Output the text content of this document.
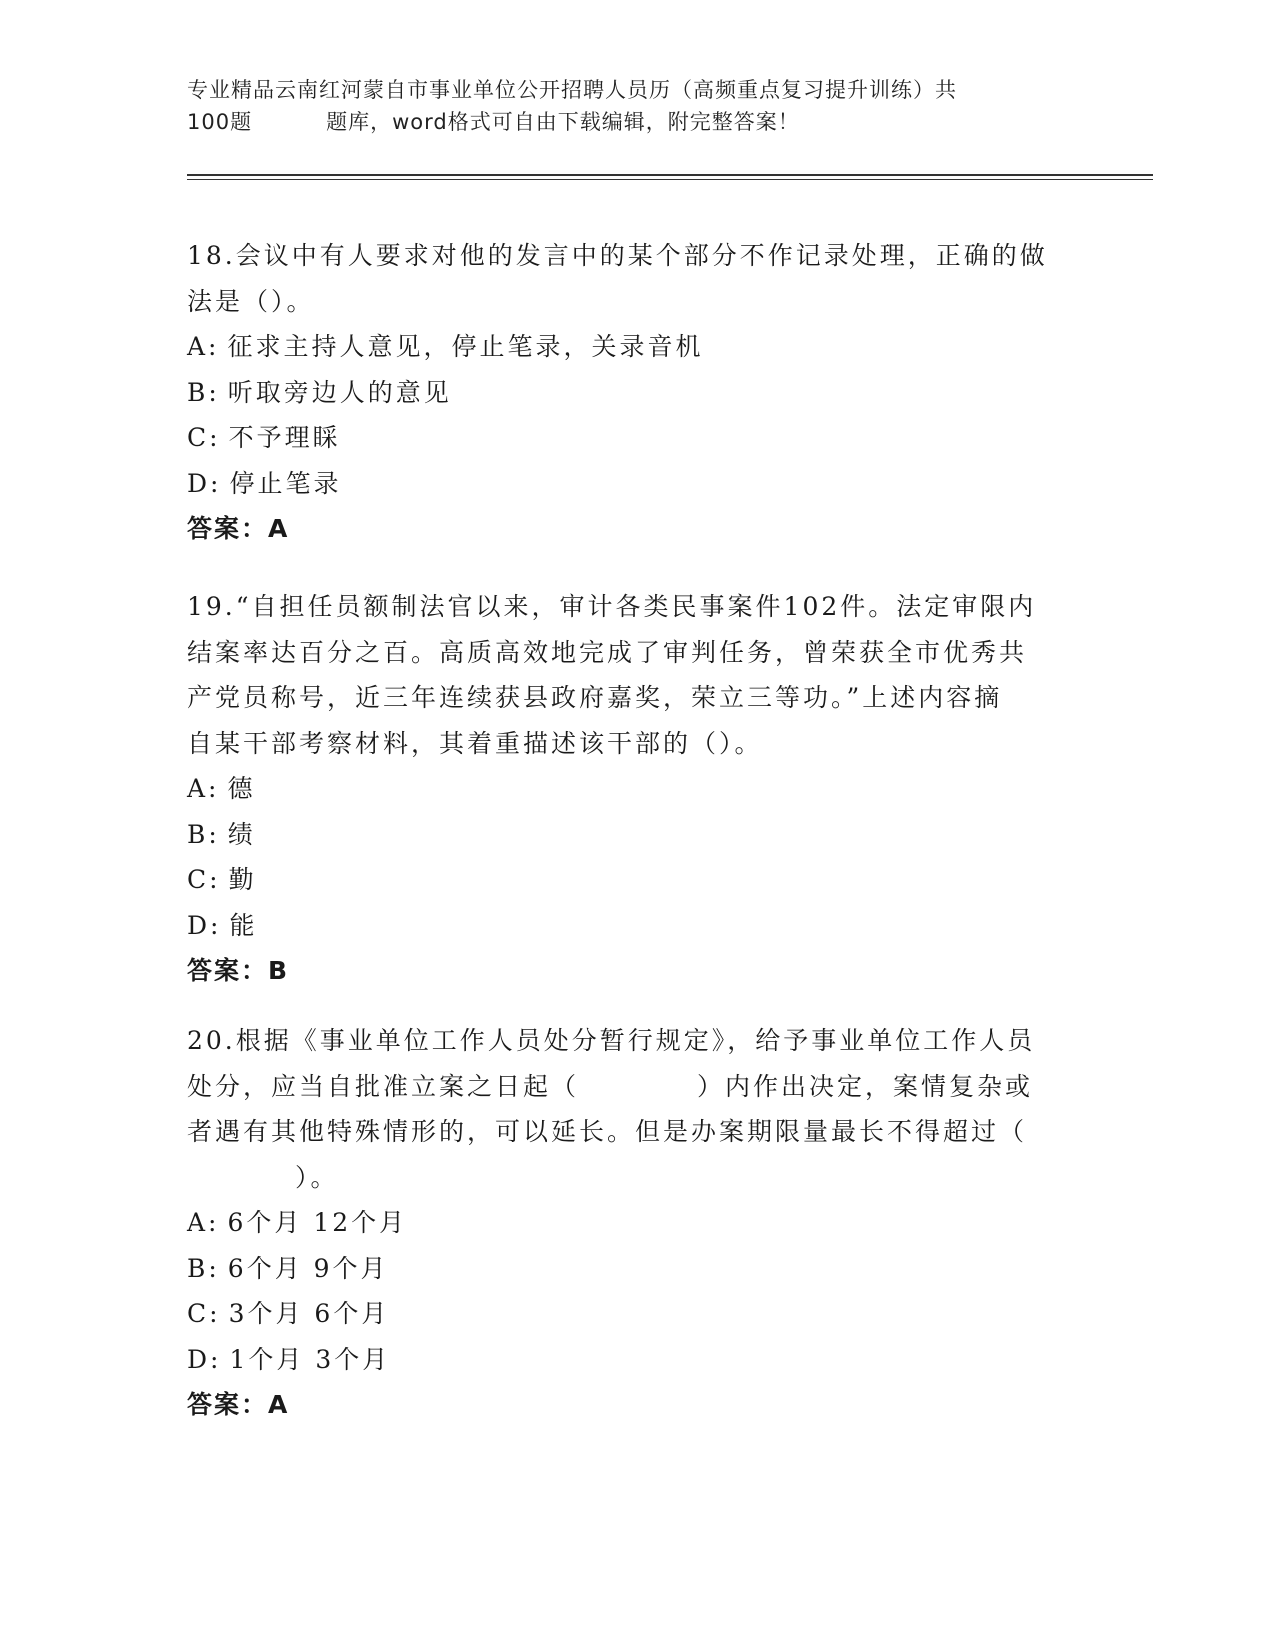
专业精品云南红河蒙自市事业单位公开招聘人员历（高频重点复习提升训练）共
100题	题库，word格式可自由下载编辑，附完整答案！
18.会议中有人要求对他的发言中的某个部分不作记录处理，正确的做
法是（）。
A: 征求主持人意见，停止笔录，关录音机
B: 听取旁边人的意见
C: 不予理睬
D: 停止笔录
答案：A
19.“自担任员额制法官以来，审计各类民事案件102件。法定审限内
结案率达百分之百。高质高效地完成了审判任务，曾荣获全市优秀共
产党员称号，近三年连续获县政府嘉奖，荣立三等功。”上述内容摘
自某干部考察材料，其着重描述该干部的（）。
A: 德
B: 绩
C: 勤
D: 能
答案：B
20.根据《事业单位工作人员处分暂行规定》，给予事业单位工作人员
处分，应当自批准立案之日起（	）内作出决定，案情复杂或
者遇有其他特殊情形的，可以延长。但是办案期限量最长不得超过（
）。
A: 6个月 12个月
B: 6个月 9个月
C: 3个月 6个月
D: 1个月 3个月
答案：A
